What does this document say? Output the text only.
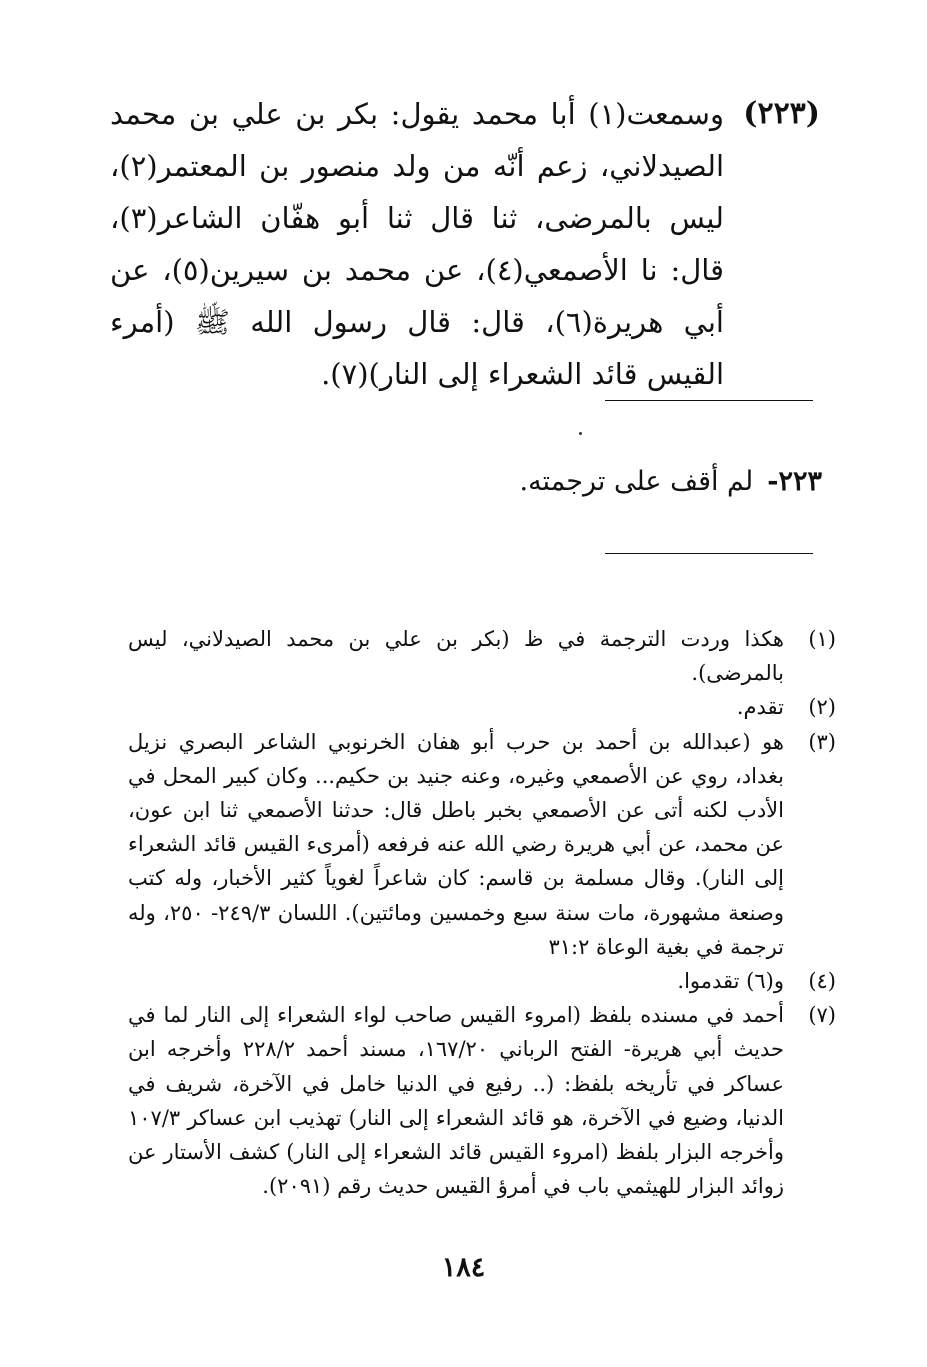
(٢٢٣)
وسمعت(١) أبا محمد يقول: بكر بن علي بن محمد الصيدلاني، زعم أنّه من ولد منصور بن المعتمر(٢)، ليس بالمرضى، ثنا قال ثنا أبو هفّان الشاعر(٣)، قال: نا الأصمعي(٤)، عن محمد بن سيرين(٥)، عن أبي هريرة(٦)، قال: قال رسول الله ﷺ (أمرء القيس قائد الشعراء إلى النار)(٧).
٢٢٣-لم أقف على ترجمته.
(١)
هكذا وردت الترجمة في ظ (بكر بن علي بن محمد الصيدلاني، ليس بالمرضى).
(٢)
تقدم.
(٣)
هو (عبدالله بن أحمد بن حرب أبو هفان الخرنوبي الشاعر البصري نزيل بغداد، روي عن الأصمعي وغيره، وعنه جنيد بن حكيم... وكان كبير المحل في الأدب لكنه أتى عن الأصمعي بخبر باطل قال: حدثنا الأصمعي ثنا ابن عون، عن محمد، عن أبي هريرة رضي الله عنه فرفعه (أمرىء القيس قائد الشعراء إلى النار). وقال مسلمة بن قاسم: كان شاعراً لغوياً كثير الأخبار، وله كتب وصنعة مشهورة، مات سنة سبع وخمسين ومائتين). اللسان ٢٤٩/٣- ٢٥٠، وله ترجمة في بغية الوعاة ٣١:٢
(٤)
و(٦) تقدموا.
(٧)
أحمد في مسنده بلفظ (امروء القيس صاحب لواء الشعراء إلى النار لما في حديث أبي هريرة- الفتح الرباني ١٦٧/٢٠، مسند أحمد ٢٢٨/٢ وأخرجه ابن عساكر في تأريخه بلفظ: (.. رفيع في الدنيا خامل في الآخرة، شريف في الدنيا، وضيع في الآخرة، هو قائد الشعراء إلى النار) تهذيب ابن عساكر ١٠٧/٣ وأخرجه البزار بلفظ (امروء القيس قائد الشعراء إلى النار) كشف الأستار عن زوائد البزار للهيثمي باب في أمرؤ القيس حديث رقم (٢٠٩١).
١٨٤
